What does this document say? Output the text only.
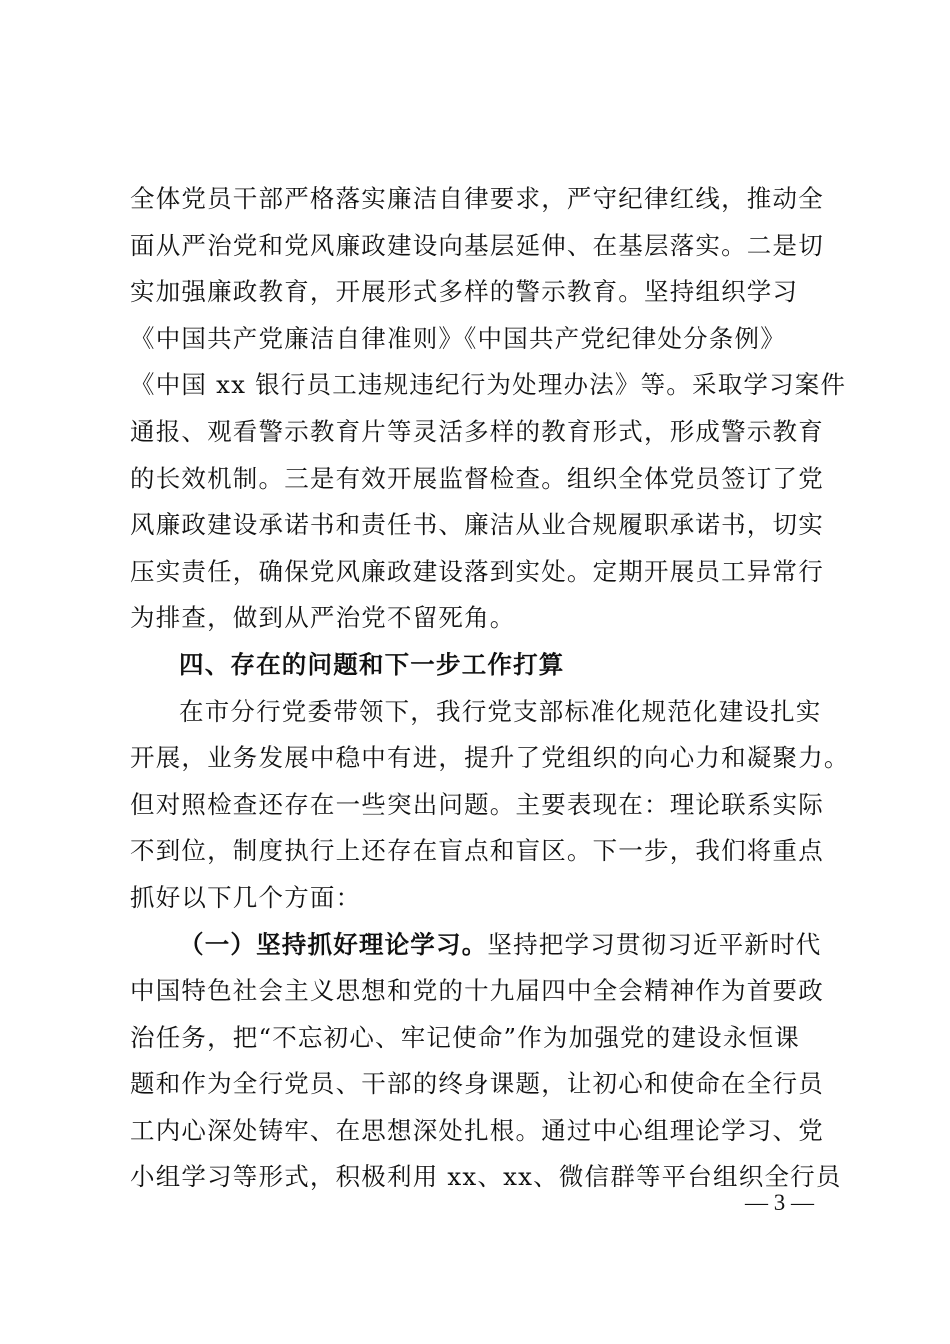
全体党员干部严格落实廉洁自律要求，严守纪律红线，推动全
面从严治党和党风廉政建设向基层延伸、在基层落实。二是切
实加强廉政教育，开展形式多样的警示教育。坚持组织学习
《中国共产党廉洁自律准则》《中国共产党纪律处分条例》
《中国 xx 银行员工违规违纪行为处理办法》等。采取学习案件
通报、观看警示教育片等灵活多样的教育形式，形成警示教育
的长效机制。三是有效开展监督检查。组织全体党员签订了党
风廉政建设承诺书和责任书、廉洁从业合规履职承诺书，切实
压实责任，确保党风廉政建设落到实处。定期开展员工异常行
为排查，做到从严治党不留死角。
四、存在的问题和下一步工作打算
在市分行党委带领下，我行党支部标准化规范化建设扎实
开展，业务发展中稳中有进，提升了党组织的向心力和凝聚力。
但对照检查还存在一些突出问题。主要表现在：理论联系实际
不到位，制度执行上还存在盲点和盲区。下一步，我们将重点
抓好以下几个方面：
（一）坚持抓好理论学习。坚持把学习贯彻习近平新时代
中国特色社会主义思想和党的十九届四中全会精神作为首要政
治任务，把“不忘初心、牢记使命”作为加强党的建设永恒课
题和作为全行党员、干部的终身课题，让初心和使命在全行员
工内心深处铸牢、在思想深处扎根。通过中心组理论学习、党
小组学习等形式，积极利用 xx、xx、微信群等平台组织全行员
— 3 —
